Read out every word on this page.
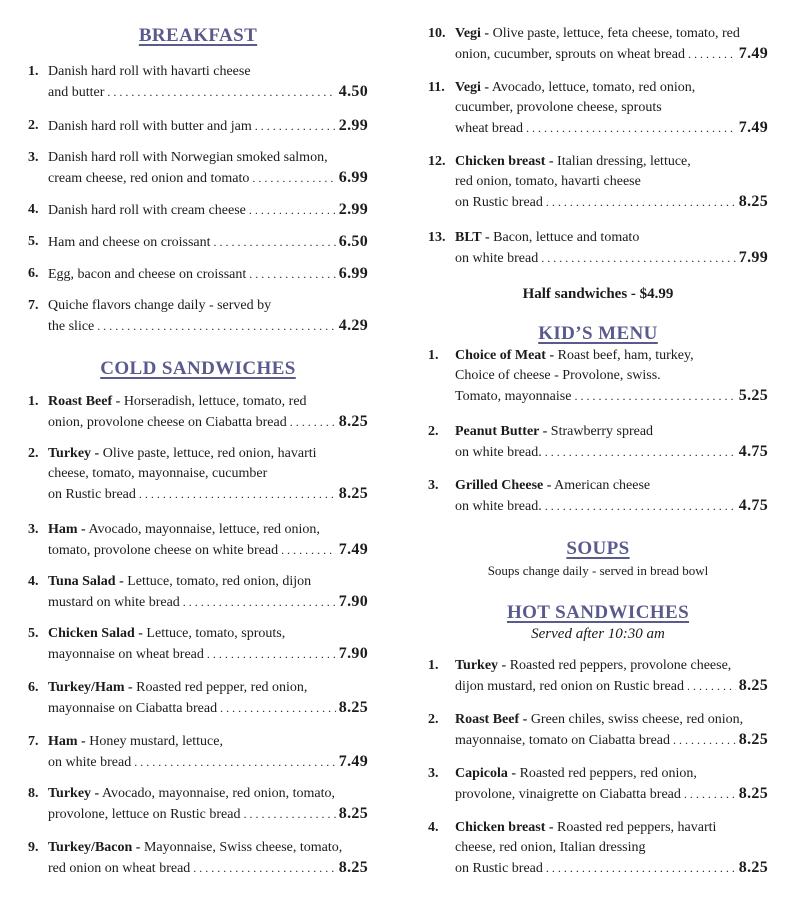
BREAKFAST
1. Danish hard roll with havarti cheese
and butter . . .	4.50
2. Danish hard roll with butter and jam . . .	2.99
3. Danish hard roll with Norwegian smoked salmon,
cream cheese, red onion and tomato . . .	6.99
4. Danish hard roll with cream cheese . . .	2.99
5. Ham and cheese on croissant . . .	6.50
6. Egg, bacon and cheese on croissant . . .	6.99
7. Quiche flavors change daily - served by
the slice . . .	4.29
COLD SANDWICHES
1. Roast Beef - Horseradish, lettuce, tomato, red
onion, provolone cheese on Ciabatta bread . . .	8.25
2. Turkey - Olive paste, lettuce, red onion, havarti
cheese, tomato, mayonnaise, cucumber
on Rustic bread . . .	8.25
3. Ham - Avocado, mayonnaise, lettuce, red onion,
tomato, provolone cheese on white bread . . .	7.49
4. Tuna Salad - Lettuce, tomato, red onion, dijon
mustard on white bread . . .	7.90
5. Chicken Salad - Lettuce, tomato, sprouts,
mayonnaise on wheat bread . . .	7.90
6. Turkey/Ham - Roasted red pepper, red onion,
mayonnaise on Ciabatta bread . . .	8.25
7. Ham - Honey mustard, lettuce,
on white bread . . .	7.49
8. Turkey - Avocado, mayonnaise, red onion, tomato,
provolone, lettuce on Rustic bread . . .	8.25
9. Turkey/Bacon - Mayonnaise, Swiss cheese, tomato,
red onion on wheat bread . . .	8.25
10. Vegi - Olive paste, lettuce, feta cheese, tomato, red
onion, cucumber, sprouts on wheat bread . . .	7.49
11. Vegi - Avocado, lettuce, tomato, red onion,
cucumber, provolone cheese, sprouts
wheat bread . . .	7.49
12. Chicken breast - Italian dressing, lettuce,
red onion, tomato, havarti cheese
on Rustic bread . . .	8.25
13. BLT - Bacon, lettuce and tomato
on white bread . . .	7.99
Half sandwiches - $4.99
KID’S MENU
1. Choice of Meat - Roast beef, ham, turkey,
Choice of cheese - Provolone, swiss.
Tomato, mayonnaise . . .	5.25
2. Peanut Butter - Strawberry spread
on white bread. . . .	4.75
3. Grilled Cheese - American cheese
on white bread. . . .	4.75
SOUPS
Soups change daily - served in bread bowl
HOT SANDWICHES
Served after 10:30 am
1. Turkey - Roasted red peppers, provolone cheese,
dijon mustard, red onion on Rustic bread . . .	8.25
2. Roast Beef - Green chiles, swiss cheese, red onion,
mayonnaise, tomato on Ciabatta bread . . .	8.25
3. Capicola - Roasted red peppers, red onion,
provolone, vinaigrette on Ciabatta bread . . .	8.25
4. Chicken breast - Roasted red peppers, havarti
cheese, red onion, Italian dressing
on Rustic bread . . .	8.25
